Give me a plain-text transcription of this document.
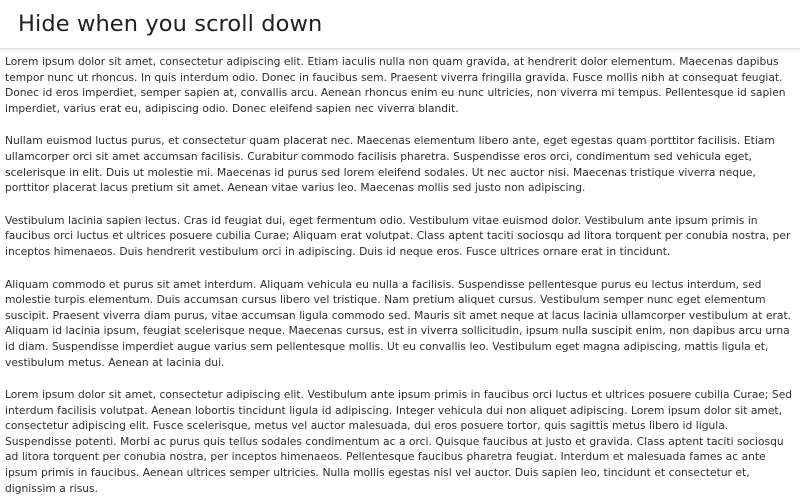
Hide when you scroll down

Lorem ipsum dolor sit amet, consectetur adipiscing elit. Etiam iaculis nulla non quam gravida, at hendrerit dolor elementum. Maecenas dapibus tempor nunc ut rhoncus. In quis interdum odio. Donec in faucibus sem. Praesent viverra fringilla gravida. Fusce mollis nibh at consequat feugiat. Donec id eros imperdiet, semper sapien at, convallis arcu. Aenean rhoncus enim eu nunc ultricies, non viverra mi tempus. Pellentesque id sapien imperdiet, varius erat eu, adipiscing odio. Donec eleifend sapien nec viverra blandit.

Nullam euismod luctus purus, et consectetur quam placerat nec. Maecenas elementum libero ante, eget egestas quam porttitor facilisis. Etiam ullamcorper orci sit amet accumsan facilisis. Curabitur commodo facilisis pharetra. Suspendisse eros orci, condimentum sed vehicula eget, scelerisque in elit. Duis ut molestie mi. Maecenas id purus sed lorem eleifend sodales. Ut nec auctor nisi. Maecenas tristique viverra neque, porttitor placerat lacus pretium sit amet. Aenean vitae varius leo. Maecenas mollis sed justo non adipiscing.

Vestibulum lacinia sapien lectus. Cras id feugiat dui, eget fermentum odio. Vestibulum vitae euismod dolor. Vestibulum ante ipsum primis in faucibus orci luctus et ultrices posuere cubilia Curae; Aliquam erat volutpat. Class aptent taciti sociosqu ad litora torquent per conubia nostra, per inceptos himenaeos. Duis hendrerit vestibulum orci in adipiscing. Duis id neque eros. Fusce ultrices ornare erat in tincidunt.

Aliquam commodo et purus sit amet interdum. Aliquam vehicula eu nulla a facilisis. Suspendisse pellentesque purus eu lectus interdum, sed molestie turpis elementum. Duis accumsan cursus libero vel tristique. Nam pretium aliquet cursus. Vestibulum semper nunc eget elementum suscipit. Praesent viverra diam purus, vitae accumsan ligula commodo sed. Mauris sit amet neque at lacus lacinia ullamcorper vestibulum at erat. Aliquam id lacinia ipsum, feugiat scelerisque neque. Maecenas cursus, est in viverra sollicitudin, ipsum nulla suscipit enim, non dapibus arcu urna id diam. Suspendisse imperdiet augue varius sem pellentesque mollis. Ut eu convallis leo. Vestibulum eget magna adipiscing, mattis ligula et, vestibulum metus. Aenean at lacinia dui.

Lorem ipsum dolor sit amet, consectetur adipiscing elit. Vestibulum ante ipsum primis in faucibus orci luctus et ultrices posuere cubilia Curae; Sed interdum facilisis volutpat. Aenean lobortis tincidunt ligula id adipiscing. Integer vehicula dui non aliquet adipiscing. Lorem ipsum dolor sit amet, consectetur adipiscing elit. Fusce scelerisque, metus vel auctor malesuada, dui eros posuere tortor, quis sagittis metus libero id ligula. Suspendisse potenti. Morbi ac purus quis tellus sodales condimentum ac a orci. Quisque faucibus at justo et gravida. Class aptent taciti sociosqu ad litora torquent per conubia nostra, per inceptos himenaeos. Pellentesque faucibus pharetra feugiat. Interdum et malesuada fames ac ante ipsum primis in faucibus. Aenean ultrices semper ultricies. Nulla mollis egestas nisl vel auctor. Duis sapien leo, tincidunt et consectetur et, dignissim a risus.
